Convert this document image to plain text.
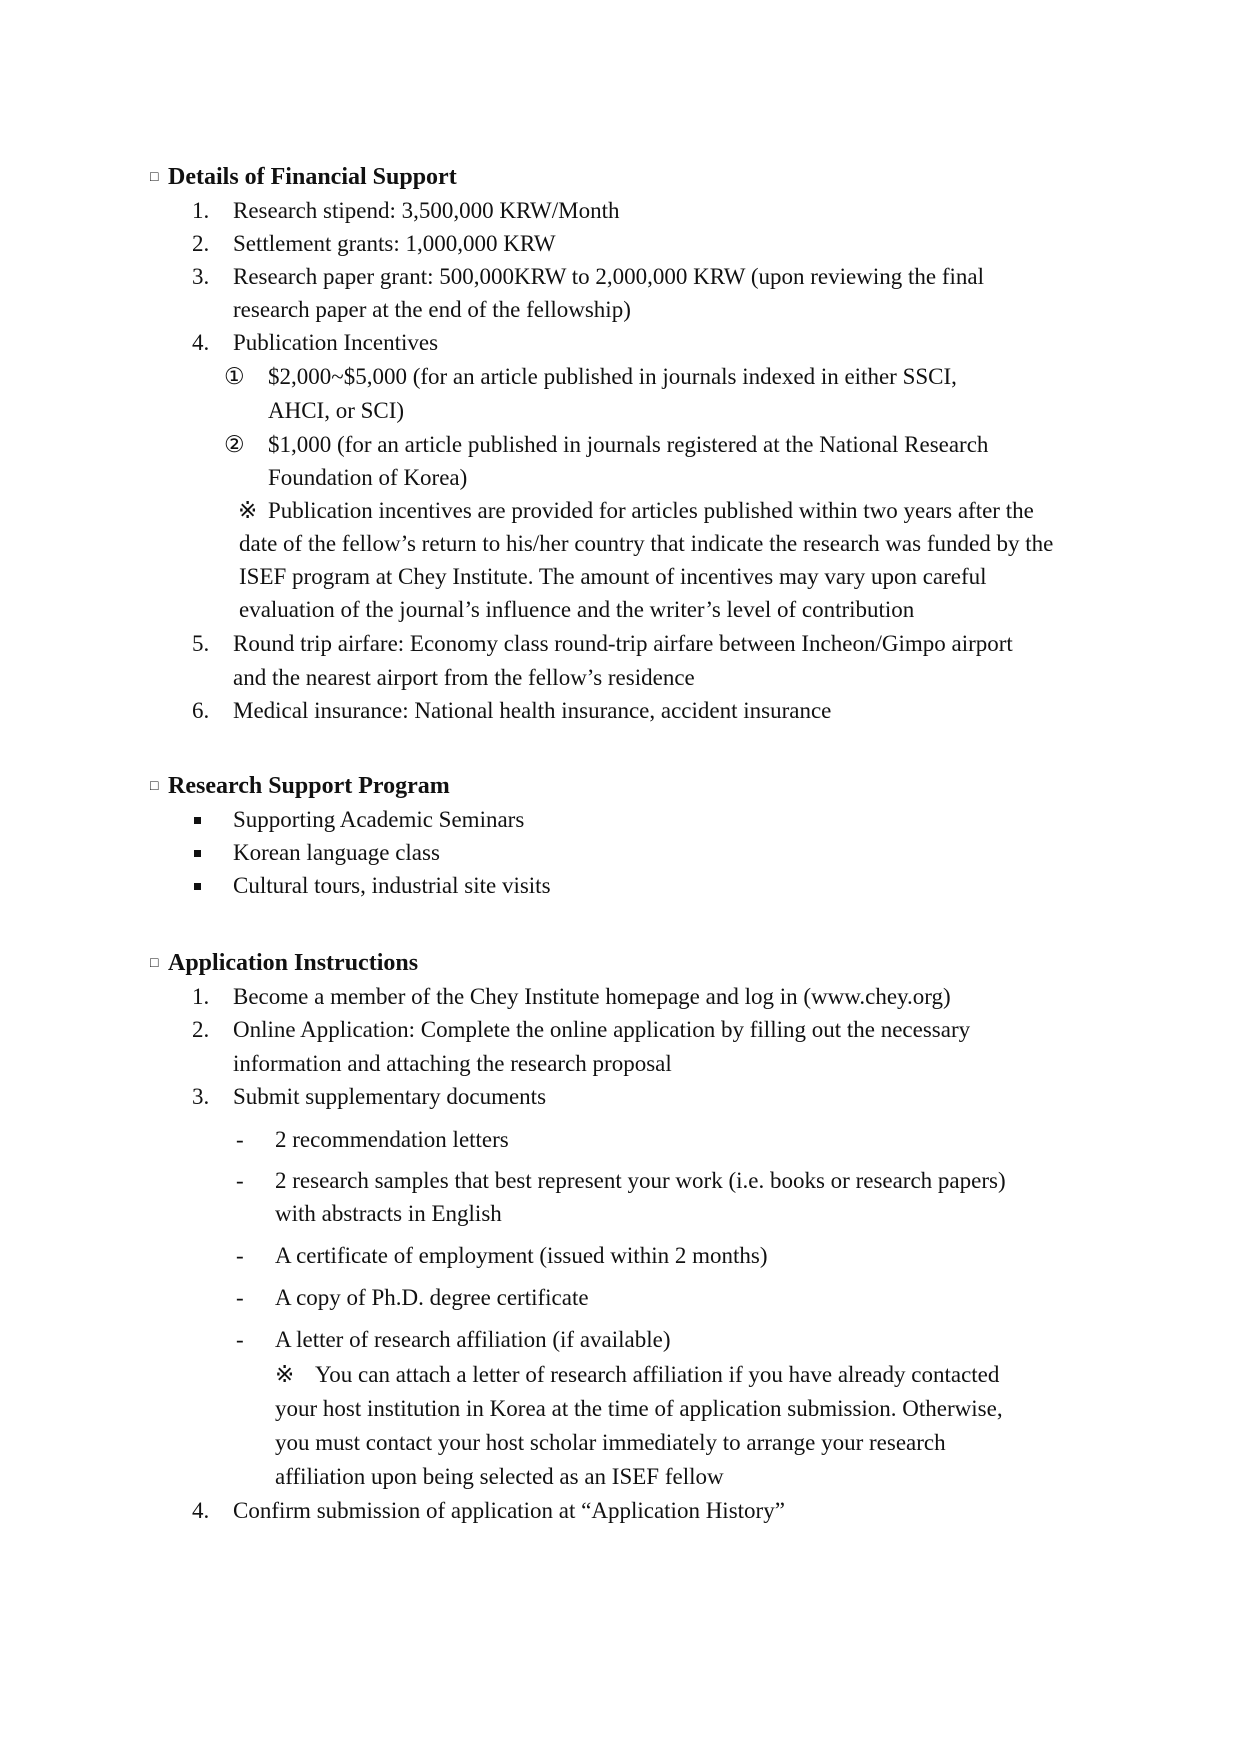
□ Details of Financial Support
1. Research stipend: 3,500,000 KRW/Month
2. Settlement grants: 1,000,000 KRW
3. Research paper grant: 500,000KRW to 2,000,000 KRW (upon reviewing the final
research paper at the end of the fellowship)
4. Publication Incentives
① $2,000~$5,000 (for an article published in journals indexed in either SSCI,
AHCI, or SCI)
② $1,000 (for an article published in journals registered at the National Research
Foundation of Korea)
※ Publication incentives are provided for articles published within two years after the
date of the fellow’s return to his/her country that indicate the research was funded by the
ISEF program at Chey Institute. The amount of incentives may vary upon careful
evaluation of the journal’s influence and the writer’s level of contribution
5. Round trip airfare: Economy class round-trip airfare between Incheon/Gimpo airport
and the nearest airport from the fellow’s residence
6. Medical insurance: National health insurance, accident insurance
□ Research Support Program
Supporting Academic Seminars
Korean language class
Cultural tours, industrial site visits
□ Application Instructions
1. Become a member of the Chey Institute homepage and log in (www.chey.org)
2. Online Application: Complete the online application by filling out the necessary
information and attaching the research proposal
3. Submit supplementary documents
- 2 recommendation letters
- 2 research samples that best represent your work (i.e. books or research papers)
with abstracts in English
- A certificate of employment (issued within 2 months)
- A copy of Ph.D. degree certificate
- A letter of research affiliation (if available)
※ You can attach a letter of research affiliation if you have already contacted
your host institution in Korea at the time of application submission. Otherwise,
you must contact your host scholar immediately to arrange your research
affiliation upon being selected as an ISEF fellow
4. Confirm submission of application at “Application History”
